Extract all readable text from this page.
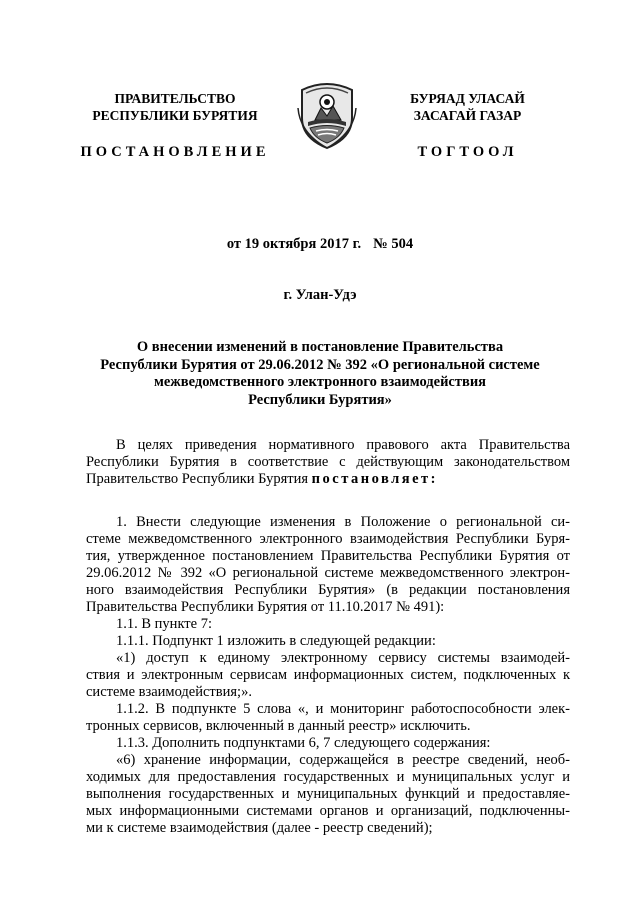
ПРАВИТЕЛЬСТВО
РЕСПУБЛИКИ БУРЯТИЯ
ПОСТАНОВЛЕНИЕ
БУРЯАД УЛАСАЙ
ЗАСАГАЙ ГАЗАР
ТОГТООЛ
от 19 октября 2017 г. № 504
г. Улан-Удэ
О внесении изменений в постановление Правительства
Республики Бурятия от 29.06.2012 № 392 «О региональной системе
межведомственного электронного взаимодействия
Республики Бурятия»
В целях приведения нормативного правового акта Правительства
Республики Бурятия в соответствие с действующим законодательством
Правительство Республики Бурятия постановляет:
1. Внести следующие изменения в Положение о региональной си-
стеме межведомственного электронного взаимодействия Республики Буря-
тия, утвержденное постановлением Правительства Республики Бурятия от
29.06.2012 № 392 «О региональной системе межведомственного электрон-
ного взаимодействия Республики Бурятия» (в редакции постановления
Правительства Республики Бурятия от 11.10.2017 № 491):
1.1. В пункте 7:
1.1.1. Подпункт 1 изложить в следующей редакции:
«1) доступ к единому электронному сервису системы взаимодей-
ствия и электронным сервисам информационных систем, подключенных к
системе взаимодействия;».
1.1.2. В подпункте 5 слова «, и мониторинг работоспособности элек-
тронных сервисов, включенный в данный реестр» исключить.
1.1.3. Дополнить подпунктами 6, 7 следующего содержания:
«6) хранение информации, содержащейся в реестре сведений, необ-
ходимых для предоставления государственных и муниципальных услуг и
выполнения государственных и муниципальных функций и предоставляе-
мых информационными системами органов и организаций, подключенны-
ми к системе взаимодействия (далее - реестр сведений);
